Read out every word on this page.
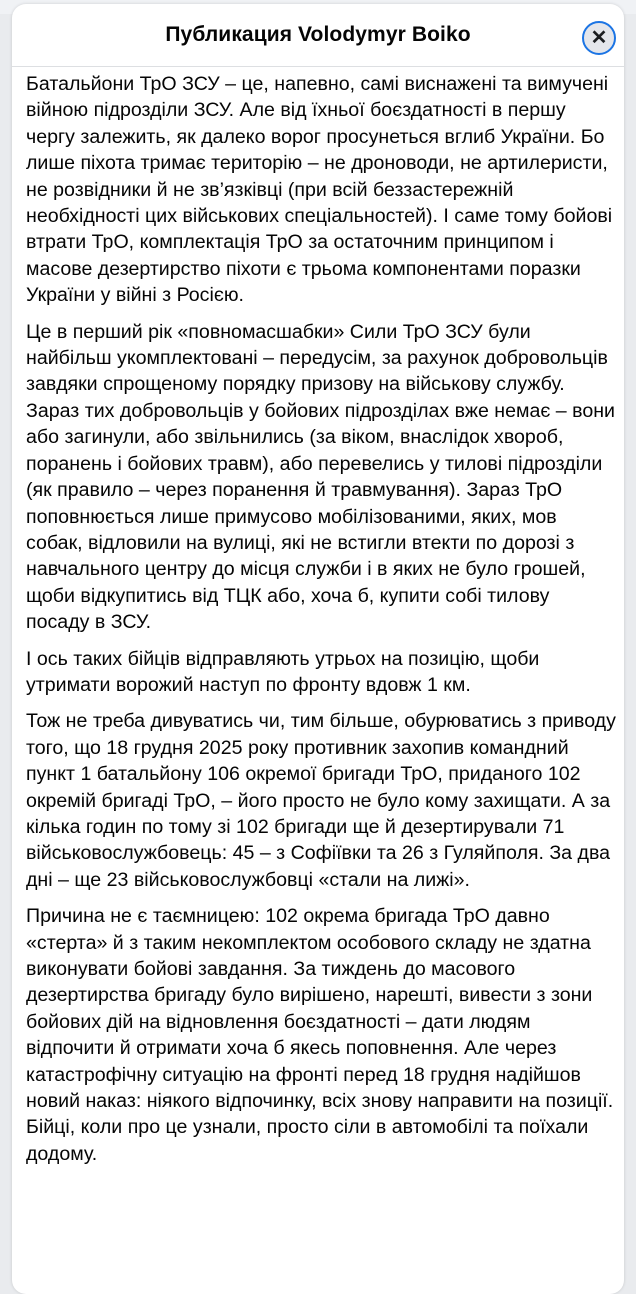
Публикация Volodymyr Boiko	✕

Батальйони ТрО ЗСУ – це, напевно, самі виснажені та вимучені війною підрозділи ЗСУ. Але від їхньої боєздатності в першу чергу залежить, як далеко ворог просунеться вглиб України. Бо лише піхота тримає територію – не дроноводи, не артилеристи, не розвідники й не зв’язківці (при всій беззастережній необхідності цих військових спеціальностей). І саме тому бойові втрати ТрО, комплектація ТрО за остаточним принципом і масове дезертирство піхоти є трьома компонентами поразки України у війні з Росією.

Це в перший рік «повномасшабки» Сили ТрО ЗСУ були найбільш укомплектовані – передусім, за рахунок добровольців завдяки спрощеному порядку призову на військову службу. Зараз тих добровольців у бойових підрозділах вже немає – вони або загинули, або звільнились (за віком, внаслідок хвороб, поранень і бойових травм), або перевелись у тилові підрозділи (як правило – через поранення й травмування). Зараз ТрО поповнюється лише примусово мобілізованими, яких, мов собак, відловили на вулиці, які не встигли втекти по дорозі з навчального центру до місця служби і в яких не було грошей, щоби відкупитись від ТЦК або, хоча б, купити собі тилову посаду в ЗСУ.

І ось таких бійців відправляють утрьох на позицію, щоби утримати ворожий наступ по фронту вдовж 1 км.

Тож не треба дивуватись чи, тим більше, обурюватись з приводу того, що 18 грудня 2025 року противник захопив командний пункт 1 батальйону 106 окремої бригади ТрО, приданого 102 окремій бригаді ТрО, – його просто не було кому захищати. А за кілька годин по тому зі 102 бригади ще й дезертирували 71 військовослужбовець: 45 – з Софіївки та 26 з Гуляйполя. За два дні – ще 23 військовослужбовці «стали на лижі».

Причина не є таємницею: 102 окрема бригада ТрО давно «стерта» й з таким некомплектом особового складу не здатна виконувати бойові завдання. За тиждень до масового дезертирства бригаду було вирішено, нарешті, вивести з зони бойових дій на відновлення боєздатності – дати людям відпочити й отримати хоча б якесь поповнення. Але через катастрофічну ситуацію на фронті перед 18 грудня надійшов новий наказ: ніякого відпочинку, всіх знову направити на позиції. Бійці, коли про це узнали, просто сіли в автомобілі та поїхали додому.
